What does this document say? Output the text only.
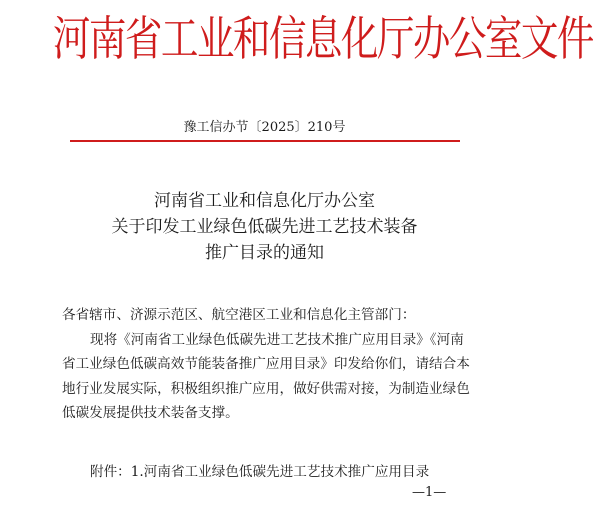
河南省工业和信息化厅办公室文件
豫工信办节〔2025〕210号
河南省工业和信息化厅办公室
关于印发工业绿色低碳先进工艺技术装备
推广目录的通知

各省辖市、济源示范区、航空港区工业和信息化主管部门：

现将《河南省工业绿色低碳先进工艺技术推广应用目录》《河南省工业绿色低碳高效节能装备推广应用目录》印发给你们，请结合本地行业发展实际，积极组织推广应用，做好供需对接，为制造业绿色低碳发展提供技术装备支撑。

附件：1.河南省工业绿色低碳先进工艺技术推广应用目录
—1—
